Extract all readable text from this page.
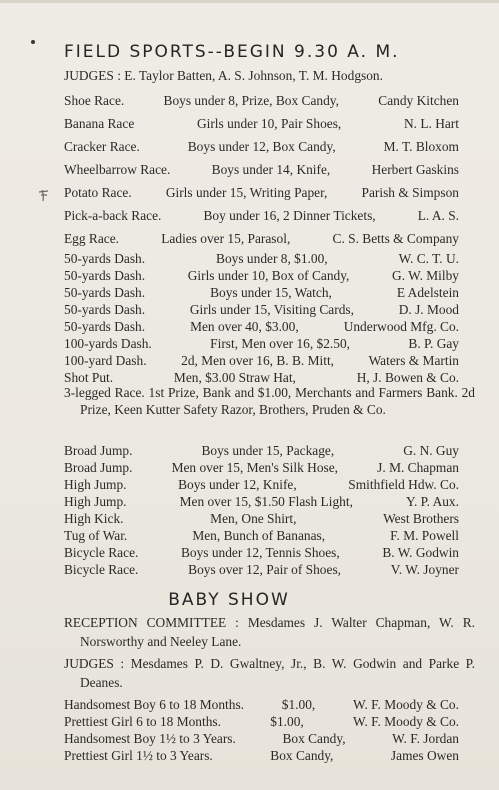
FIELD SPORTS--BEGIN 9.30 A. M.
JUDGES : E. Taylor Batten, A. S. Johnson, T. M. Hodgson.
Shoe Race.	Boys under 8, Prize, Box Candy,	Candy Kitchen
Banana Race	Girls under 10, Pair Shoes,	N. L. Hart
Cracker Race.	Boys under 12, Box Candy,	M. T. Bloxom
Wheelbarrow Race.	Boys under 14, Knife,	Herbert Gaskins
Potato Race.	Girls under 15, Writing Paper,	Parish & Simpson
Pick-a-back Race.	Boy under 16, 2 Dinner Tickets,	L. A. S.
Egg Race.	Ladies over 15, Parasol,	C. S. Betts & Company
50-yards Dash.	Boys under 8, $1.00,	W. C. T. U.
50-yards Dash.	Girls under 10, Box of Candy,	G. W. Milby
50-yards Dash.	Boys under 15, Watch,	E Adelstein
50-yards Dash.	Girls under 15, Visiting Cards,	D. J. Mood
50-yards Dash.	Men over 40, $3.00,	Underwood Mfg. Co.
100-yards Dash.	First, Men over 16, $2.50,	B. P. Gay
100-yard Dash.	2d, Men over 16, B. B. Mitt,	Waters & Martin
Shot Put.	Men, $3.00 Straw Hat,	H, J. Bowen & Co.
3-legged Race. 1st Prize, Bank and $1.00, Merchants and Farmers Bank. 2d Prize, Keen Kutter Safety Razor, Brothers, Pruden & Co.
Broad Jump.	Boys under 15, Package,	G. N. Guy
Broad Jump.	Men over 15, Men's Silk Hose,	J. M. Chapman
High Jump.	Boys under 12, Knife,	Smithfield Hdw. Co.
High Jump.	Men over 15, $1.50 Flash Light,	Y. P. Aux.
High Kick.	Men, One Shirt,	West Brothers
Tug of War.	Men, Bunch of Bananas,	F. M. Powell
Bicycle Race.	Boys under 12, Tennis Shoes,	B. W. Godwin
Bicycle Race.	Boys over 12, Pair of Shoes,	V. W. Joyner
BABY SHOW
RECEPTION COMMITTEE : Mesdames J. Walter Chapman, W. R. Norsworthy and Neeley Lane.
JUDGES : Mesdames P. D. Gwaltney, Jr., B. W. Godwin and Parke P. Deanes.
Handsomest Boy 6 to 18 Months.	$1.00,	W. F. Moody & Co.
Prettiest Girl 6 to 18 Months.	$1.00,	W. F. Moody & Co.
Handsomest Boy 1½ to 3 Years.	Box Candy,	W. F. Jordan
Prettiest Girl 1½ to 3 Years.	Box Candy,	James Owen
